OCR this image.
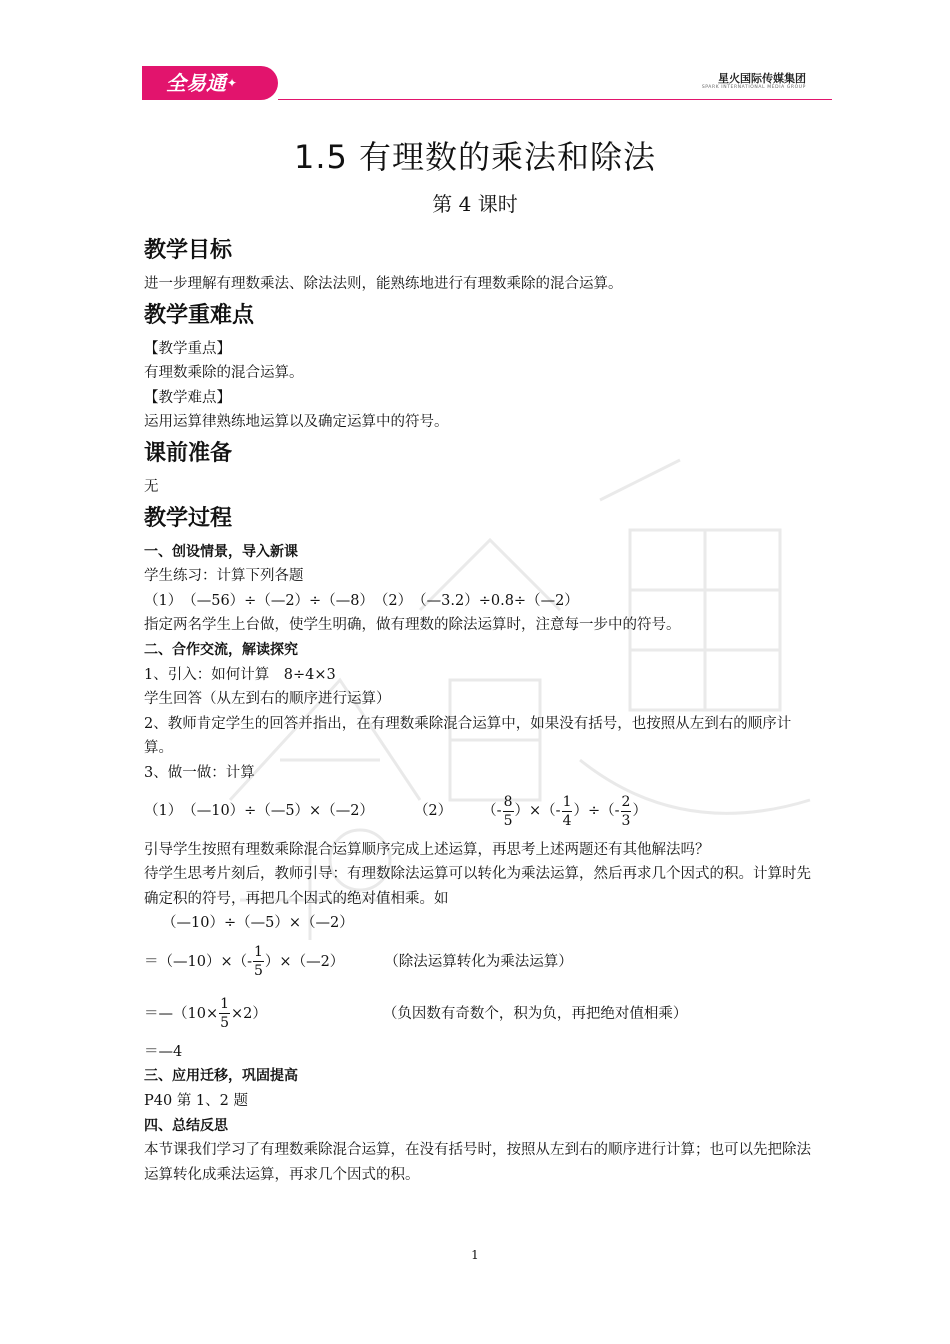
全易通✦	星火国际传媒集团
SPARK INTERNATIONAL MEDIA GROUP
1.5 有理数的乘法和除法
第 4 课时
教学目标
进一步理解有理数乘法、除法法则，能熟练地进行有理数乘除的混合运算。
教学重难点
【教学重点】
有理数乘除的混合运算。
【教学难点】
运用运算律熟练地运算以及确定运算中的符号。
课前准备
无
教学过程
一、创设情景，导入新课
学生练习：计算下列各题
（1）　（—56）÷（—2）÷（—8）　（2）　（—3.2）÷0.8÷（—2）
指定两名学生上台做，使学生明确，做有理数的除法运算时，注意每一步中的符号。
二、合作交流，解读探究
1、引入：如何计算　8÷4×3
学生回答（从左到右的顺序进行运算）
2、教师肯定学生的回答并指出，在有理数乘除混合运算中，如果没有括号，也按照从左到右的顺序计算。
3、做一做：计算
（1）　（—10）÷（—5）×（—2）	（2） （- $\frac{8}{5}$ ）×（- $\frac{1}{4}$ ）÷（- $\frac{2}{3}$ ）
引导学生按照有理数乘除混合运算顺序完成上述运算，再思考上述两题还有其他解法吗？
待学生思考片刻后，教师引导：有理数除法运算可以转化为乘法运算，然后再求几个因式的积。计算时先确定积的符号，再把几个因式的绝对值相乘。如
（—10）÷（—5）×（—2）
＝（—10）×（- $\frac{1}{5}$ ）×（—2）	（除法运算转化为乘法运算）
＝—（10× $\frac{1}{5} \times 2$）	（负因数有奇数个，积为负，再把绝对值相乘）
＝—4
三、应用迁移，巩固提高
P40 第 1、2 题
四、总结反思
本节课我们学习了有理数乘除混合运算，在没有括号时，按照从左到右的顺序进行计算；也可以先把除法运算转化成乘法运算，再求几个因式的积。
1
